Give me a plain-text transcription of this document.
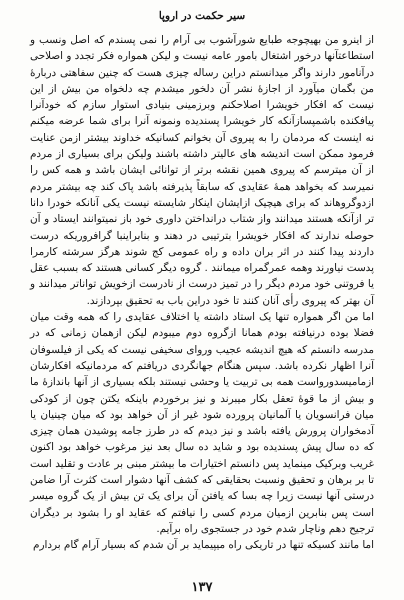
سیر حکمت در اروپا

از اینرو من بهیچوجه طبایع شورآشوب بی آرام را نمی پسندم که اصل ونسب و استطاعتآنها درخور اشتغال بامور عامه نیست و لیکن همواره فکر تجدد و اصلاحی درآنامور دارند واگر میدانستم دراین رساله چیزی هست که چنین سفاهتی دربارهٔ من بگمان میآورد از اجازهٔ نشر آن دلخور میشدم چه دلخواه من بیش از این نیست که افکار خویشرا اصلاحکنم وبرزمینی بنیادی استوار سازم که خودآنرا پیافکنده باشمپسازآنکه کار خویشرا پسندیده ونمونه آنرا برای شما عرضه میکنم نه اینست که مردمان را به پیروی آن بخوانم کسانیکه خداوند بیشتر ازمن عنایت فرمود ممکن است اندیشه های عالیتر داشته باشند ولیکن برای بسیاری از مردم از آن میترسم که پیروی همین نقشه برتر از توانائی ایشان باشد و همه کس را نمیرسد که بخواهد همهٔ عقایدی که سابقاً پذیرفته باشد پاک کند چه بیشتر مردم ازدوگروهاند که برای هیچیک ازایشان اینکار شایسته نیست یکی آنانکه خودرا دانا تر ازآنکه هستند میدانند واز شتاب درانداختن داوری خود باز نمیتوانند ایستاد و آن حوصله ندارند که افکار خویشرا بترتیبی در دهند و بنابراینبا گرافروریکه درست داردند پیدا کنند در اثر بران داده و راه عمومی کج شوند هرگز سرشته کارمرا پدست نیاورند وهمه عمرگمراه میمانند . گروه دیگر کسانی هستند که بسبب عقل یا فروتنی خود مردم دیگر را در تمیز درست از نادرست ازخویش تواناتر میدانند و آن بهتر که پیروی رأی آنان کنند تا خود دراین باب به تحقیق بپردازند.

اما من اگر همواره تنها یک استاد داشته یا اختلاف عقایدی را که همه وقت میان فضلا بوده درنیافته بودم همانا ازگروه دوم میبودم لیکن ازهمان زمانی که در مدرسه دانستم که هیچ اندیشه عجیب وروای سخیفی نیست که یکی از فیلسوفان آنرا اظهار نکرده باشد. سپس هنگام جهانگردی دریافتم که مردمانیکه افکارشان ازمامیسدورواست همه بی تربیت یا وحشی نیستند بلکه بسیاری از آنها باندازهٔ ما و بیش از ما قوهٔ تعقل بکار میبرند و نیز برخوردم باینکه یکتن چون از کودکی میان فرانسویان یا آلمانیان پرورده شود غیر از آن خواهد بود که میان چینیان یا آدمخواران پرورش یافته باشد و نیز دیدم که در طرز جامه پوشیدن همان چیزی که ده سال پیش پسندیده بود و شاید ده سال بعد نیز مرغوب خواهد بود اکنون غریب وبرکیک مینماید پس دانستم اختیارات ما بیشتر مبنی بر عادت و تقلید است تا بر برهان و تحقیق ونسبت بحقایقی که کشف آنها دشوار است کثرت آرا ضامن درستی آنها نیست زیرا چه بسا که یافتن آن برای یک تن بیش از یک گروه میسر است پس بنابرین ازمیان مردم کسی را نیافتم که عقاید او را بشود بر دیگران ترجیح دهم وناچار شدم خود در جستجوی راه برآیم.

اما مانند کسیکه تنها در تاریکی راه میپیماید بر آن شدم که بسیار آرام گام بردارم

۱۳۷
